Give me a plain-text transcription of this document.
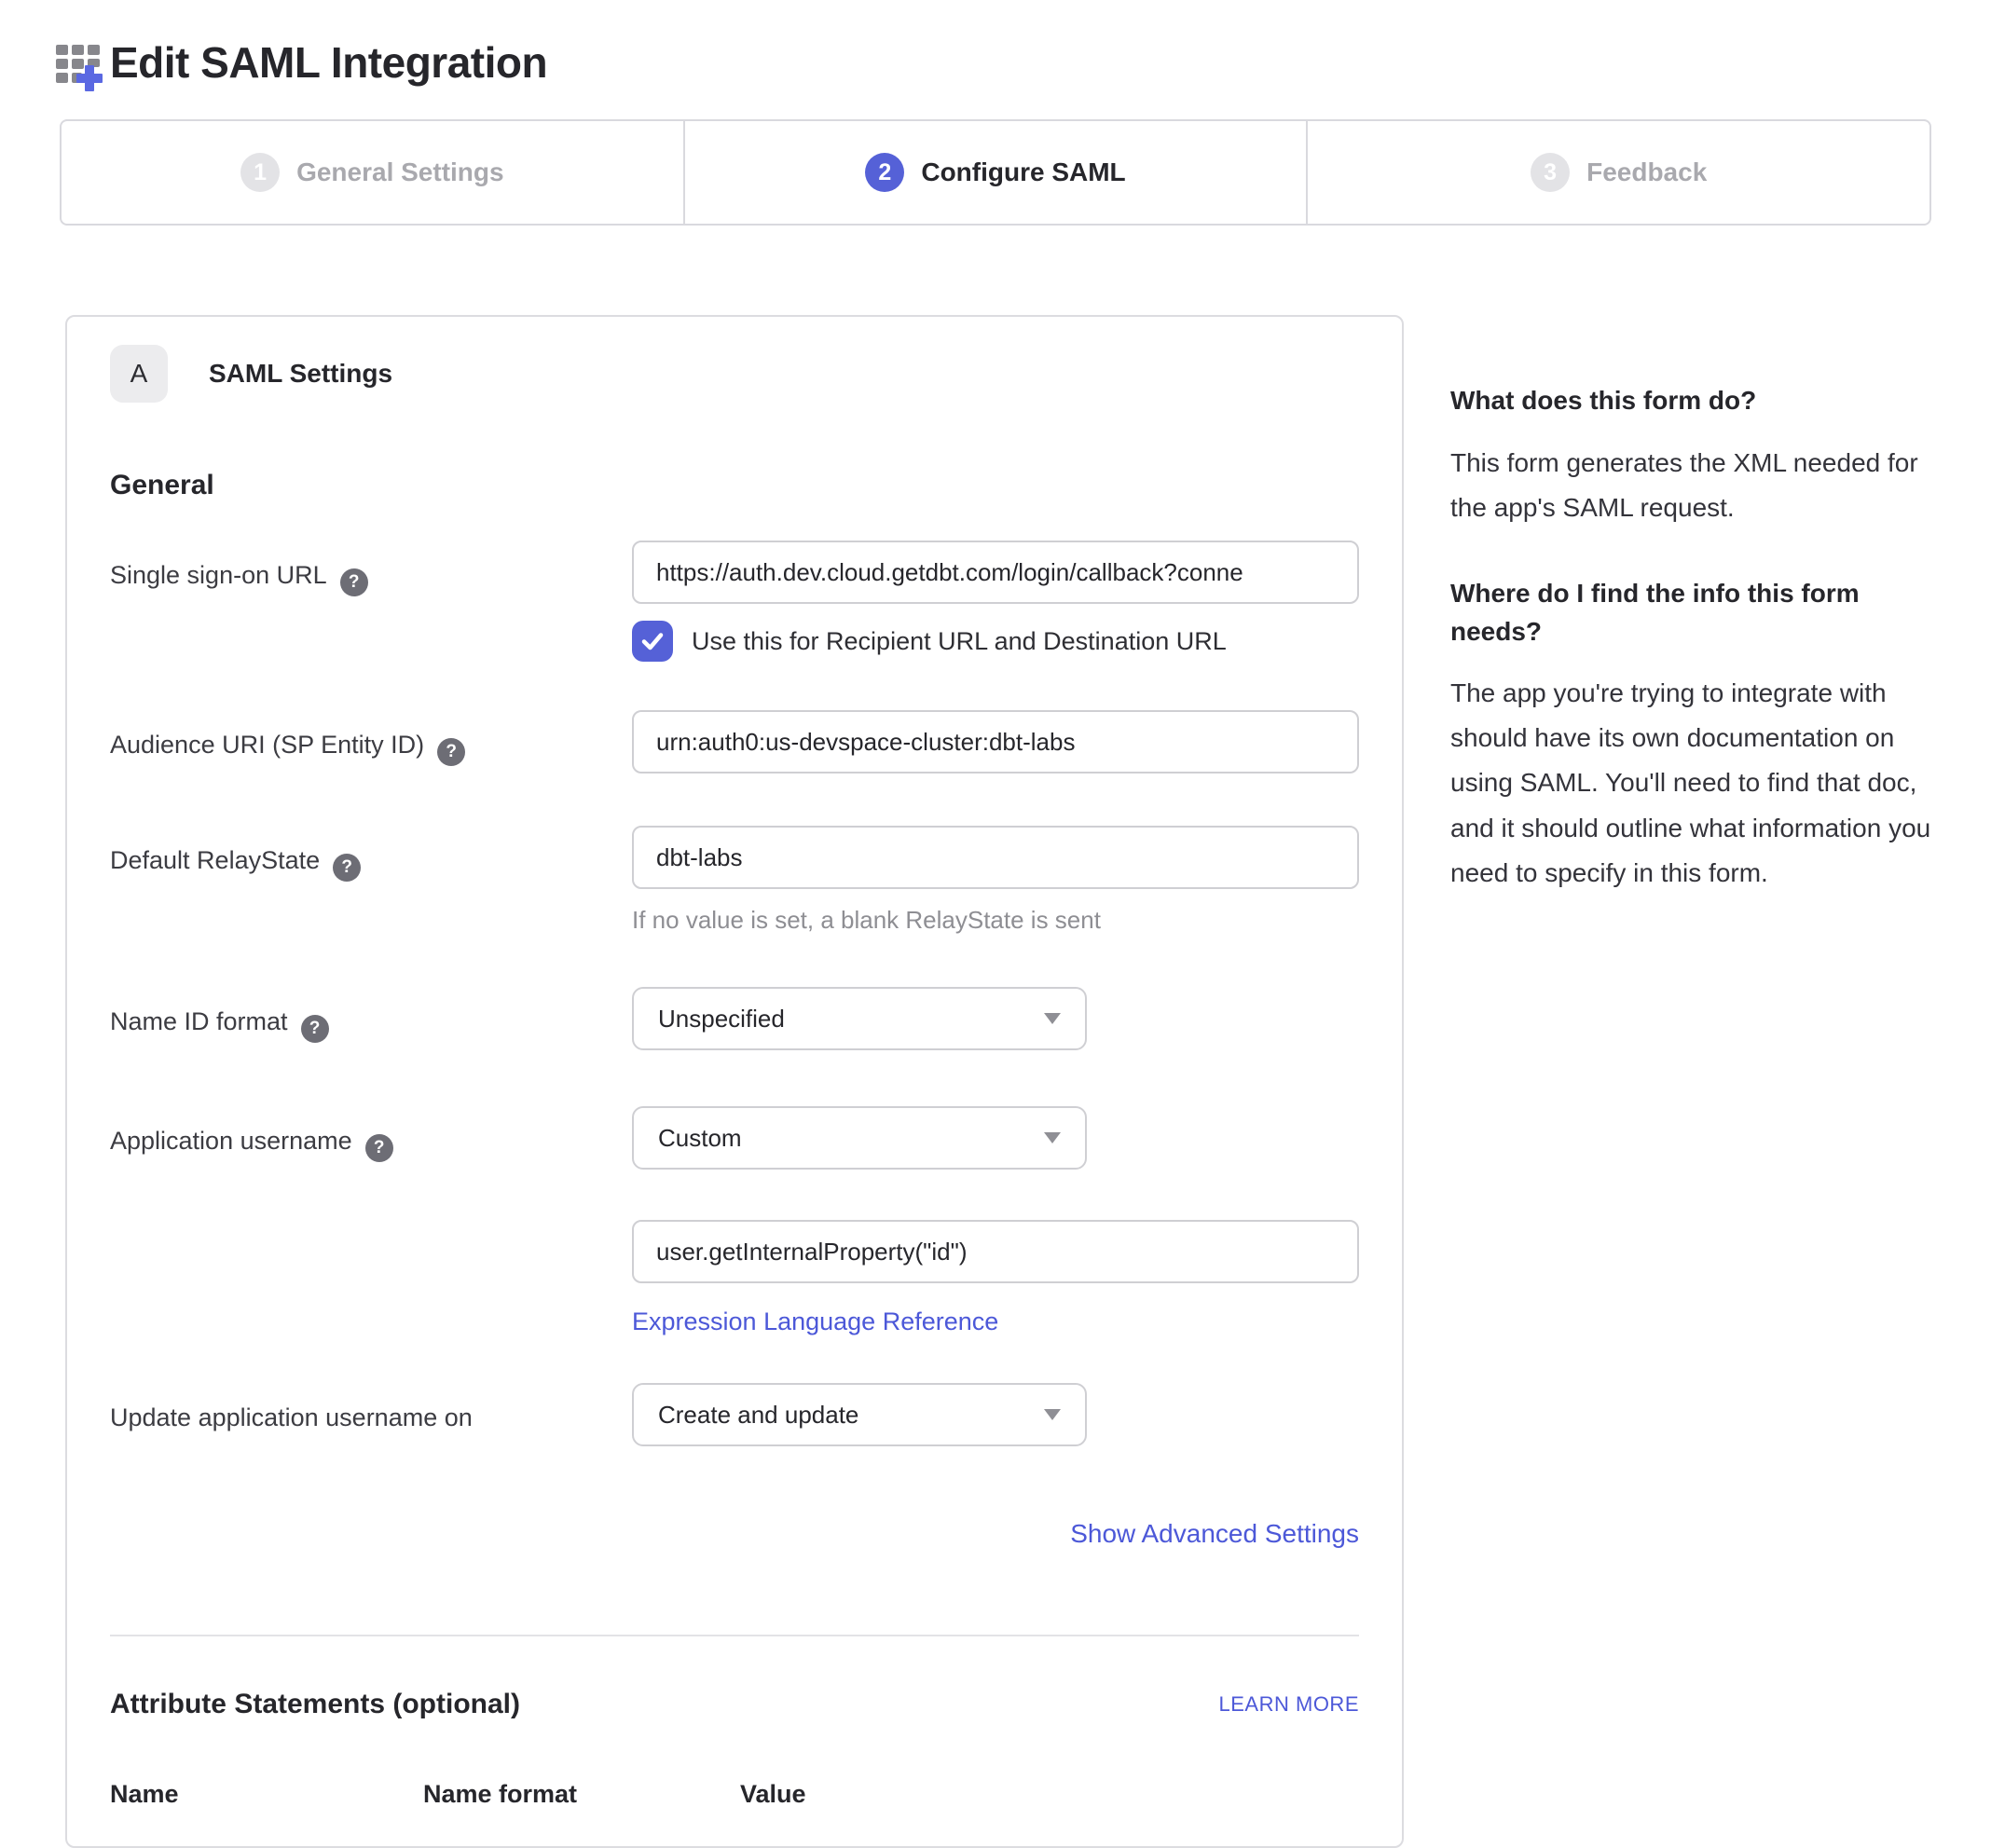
Edit SAML Integration
1	General Settings	2	Configure SAML	3	Feedback
A	SAML Settings
General
Single sign-on URL ?
https://auth.dev.cloud.getdbt.com/login/callback?conne
Use this for Recipient URL and Destination URL
Audience URI (SP Entity ID) ?
urn:auth0:us-devspace-cluster:dbt-labs
Default RelayState ?
dbt-labs
If no value is set, a blank RelayState is sent
Name ID format ?	Unspecified
Application username ?	Custom
user.getInternalProperty("id")
Expression Language Reference
Update application username on	Create and update
Show Advanced Settings
Attribute Statements (optional)	LEARN MORE
Name	Name format	Value
What does this form do?
This form generates the XML needed for the app's SAML request.
Where do I find the info this form needs?
The app you're trying to integrate with should have its own documentation on using SAML. You'll need to find that doc, and it should outline what information you need to specify in this form.
